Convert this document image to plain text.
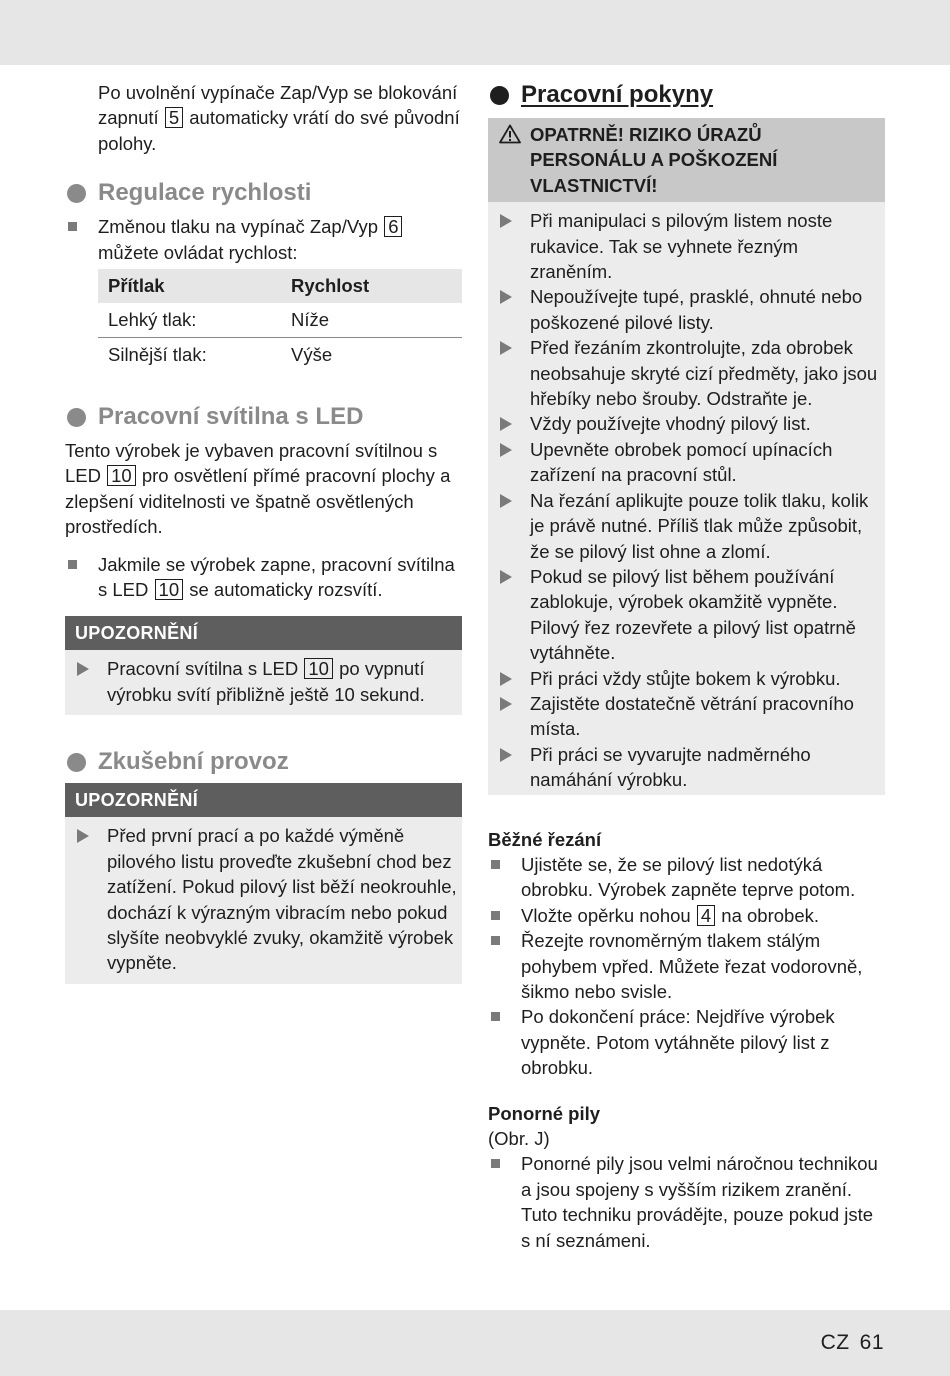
Po uvolnění vypínače Zap/Vyp se blokování zapnutí 5 automaticky vrátí do své původní polohy.

Regulace rychlosti
Změnou tlaku na vypínač Zap/Vyp 6 můžete ovládat rychlost:
Přítlak	Rychlost
Lehký tlak:	Níže
Silnější tlak:	Výše
Pracovní svítilna s LED

Tento výrobek je vybaven pracovní svítilnou s LED 10 pro osvětlení přímé pracovní plochy a zlepšení viditelnosti ve špatně osvětlených prostředích.

Jakmile se výrobek zapne, pracovní svítilna s LED 10 se automaticky rozsvítí.
UPOZORNĚNÍ
Pracovní svítilna s LED 10 po vypnutí výrobku svítí přibližně ještě 10 sekund.
Zkušební provoz
UPOZORNĚNÍ
Před první prací a po každé výměně pilového listu proveďte zkušební chod bez zatížení. Pokud pilový list běží neokrouhle, dochází k výrazným vibracím nebo pokud slyšíte neobvyklé zvuky, okamžitě výrobek vypněte.
Pracovní pokyny
OPATRNĚ! RIZIKO ÚRAZŮ PERSONÁLU A POŠKOZENÍ VLASTNICTVÍ!
Při manipulaci s pilovým listem noste rukavice. Tak se vyhnete řezným zraněním.
Nepoužívejte tupé, prasklé, ohnuté nebo poškozené pilové listy.
Před řezáním zkontrolujte, zda obrobek neobsahuje skryté cizí předměty, jako jsou hřebíky nebo šrouby. Odstraňte je.
Vždy používejte vhodný pilový list.
Upevněte obrobek pomocí upínacích zařízení na pracovní stůl.
Na řezání aplikujte pouze tolik tlaku, kolik je právě nutné. Příliš tlak může způsobit, že se pilový list ohne a zlomí.
Pokud se pilový list během používání zablokuje, výrobek okamžitě vypněte. Pilový řez rozevřete a pilový list opatrně vytáhněte.
Při práci vždy stůjte bokem k výrobku.
Zajistěte dostatečně větrání pracovního místa.
Při práci se vyvarujte nadměrného namáhání výrobku.

Běžné řezání

Ujistěte se, že se pilový list nedotýká obrobku. Výrobek zapněte teprve potom.
Vložte opěrku nohou 4 na obrobek.
Řezejte rovnoměrným tlakem stálým pohybem vpřed. Můžete řezat vodorovně, šikmo nebo svisle.
Po dokončení práce: Nejdříve výrobek vypněte. Potom vytáhněte pilový list z obrobku.

Ponorné pily

(Obr. J)

Ponorné pily jsou velmi náročnou technikou a jsou spojeny s vyšším rizikem zranění. Tuto techniku provádějte, pouze pokud jste s ní seznámeni.
CZ 61
